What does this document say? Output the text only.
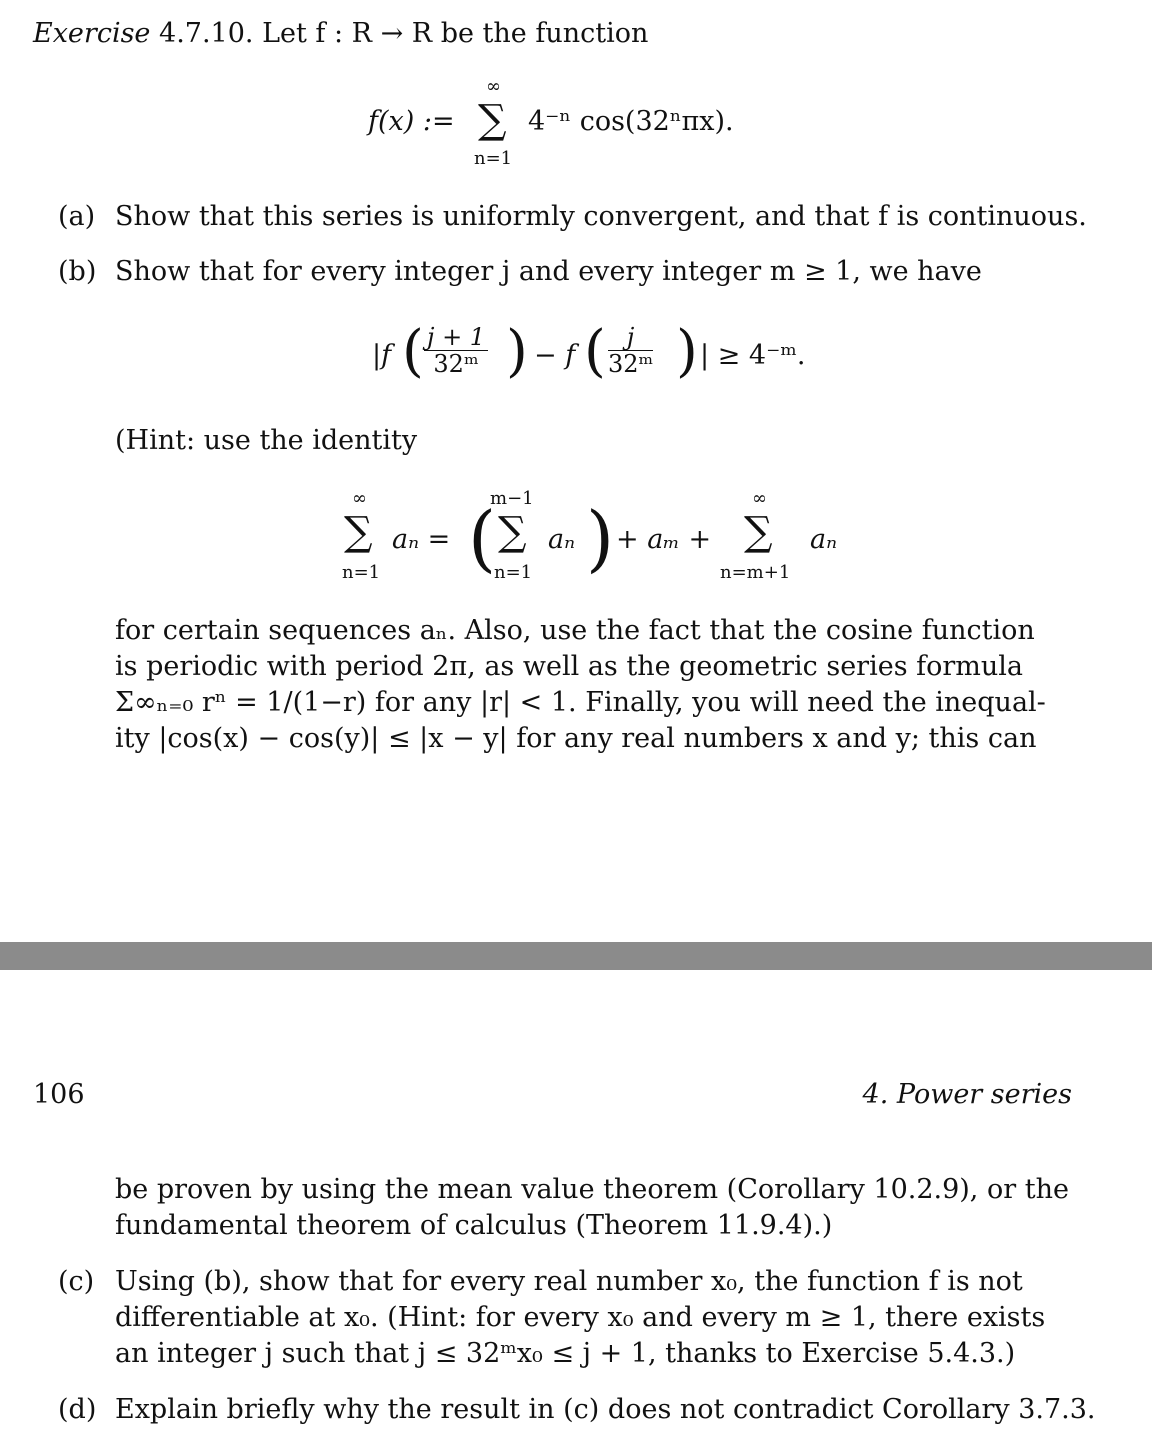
Exercise 4.7.10. Let f : R → R be the function
f(x) :=
∞
∑
n=1
4⁻ⁿ cos(32ⁿπx).
(a) Show that this series is uniformly convergent, and that f is continuous.
(b) Show that for every integer j and every integer m ≥ 1, we have
|f ( $\frac{j + 1}{\text{32ᵐ}}$ ) − f ( $\frac{j}{\text{32ᵐ}}$ ) | ≥ 4⁻ᵐ.
(Hint: use the identity
∞
∑
n=1
aₙ = (
m−1
∑
n=1
aₙ ) + aₘ +
∞
∑
n=m+1
aₙ
for certain sequences aₙ. Also, use the fact that the cosine function
is periodic with period 2π, as well as the geometric series formula
Σ∞ₙ₌₀ rⁿ = 1/(1−r) for any |r| < 1. Finally, you will need the inequal-
ity |cos(x) − cos(y)| ≤ |x − y| for any real numbers x and y; this can
106	4. Power series
be proven by using the mean value theorem (Corollary 10.2.9), or the
fundamental theorem of calculus (Theorem 11.9.4).)
(c) Using (b), show that for every real number x₀, the function f is not
differentiable at x₀. (Hint: for every x₀ and every m ≥ 1, there exists
an integer j such that j ≤ 32ᵐx₀ ≤ j + 1, thanks to Exercise 5.4.3.)
(d) Explain briefly why the result in (c) does not contradict Corollary 3.7.3.
